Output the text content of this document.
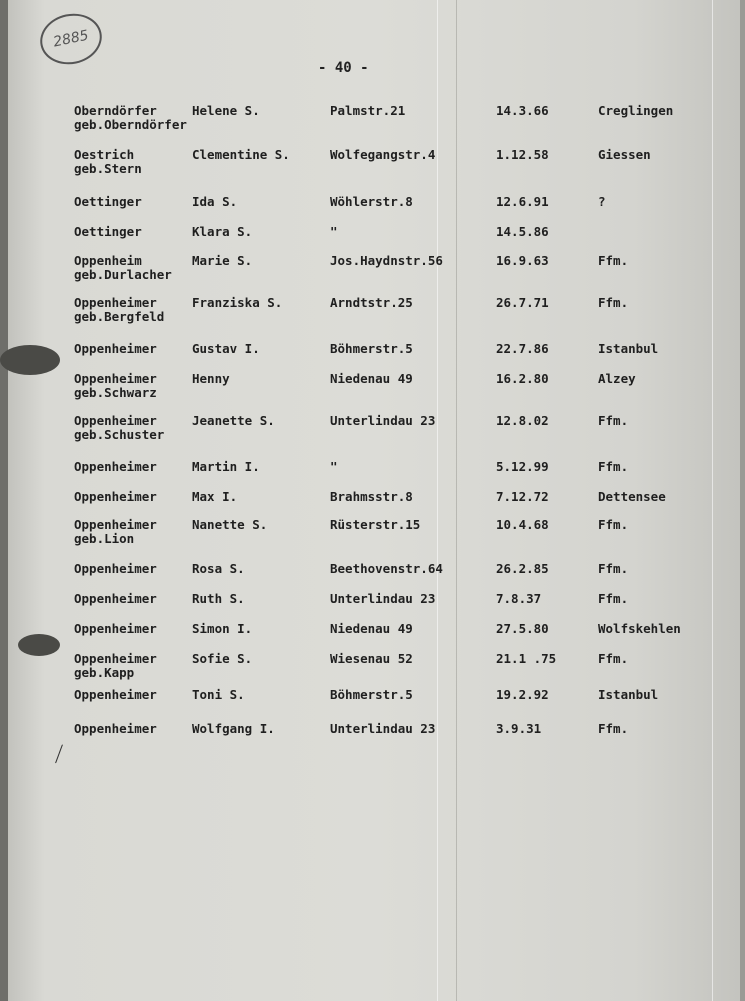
2885
- 40 -
Oberndörfer	Helene S.	Palmstr.21	14.3.66	Creglingen
geb.Oberndörfer
Oestrich	Clementine S.	Wolfegangstr.4	1.12.58	Giessen
geb.Stern
Oettinger	Ida S.	Wöhlerstr.8	12.6.91	?
Oettinger	Klara S.	"	14.5.86
Oppenheim	Marie S.	Jos.Haydnstr.56	16.9.63	Ffm.
geb.Durlacher
Oppenheimer	Franziska S.	Arndtstr.25	26.7.71	Ffm.
geb.Bergfeld
Oppenheimer	Gustav I.	Böhmerstr.5	22.7.86	Istanbul
Oppenheimer	Henny	Niedenau 49	16.2.80	Alzey
geb.Schwarz
Oppenheimer	Jeanette S.	Unterlindau 23	12.8.02	Ffm.
geb.Schuster
Oppenheimer	Martin I.	"	5.12.99	Ffm.
Oppenheimer	Max I.	Brahmsstr.8	7.12.72	Dettensee
Oppenheimer	Nanette S.	Rüsterstr.15	10.4.68	Ffm.
geb.Lion
Oppenheimer	Rosa S.	Beethovenstr.64	26.2.85	Ffm.
Oppenheimer	Ruth S.	Unterlindau 23	7.8.37	Ffm.
Oppenheimer	Simon I.	Niedenau 49	27.5.80	Wolfskehlen
Oppenheimer	Sofie S.	Wiesenau 52	21.1 .75	Ffm.
geb.Kapp
Oppenheimer	Toni S.	Böhmerstr.5	19.2.92	Istanbul
Oppenheimer	Wolfgang I.	Unterlindau 23	3.9.31	Ffm.
⟋
